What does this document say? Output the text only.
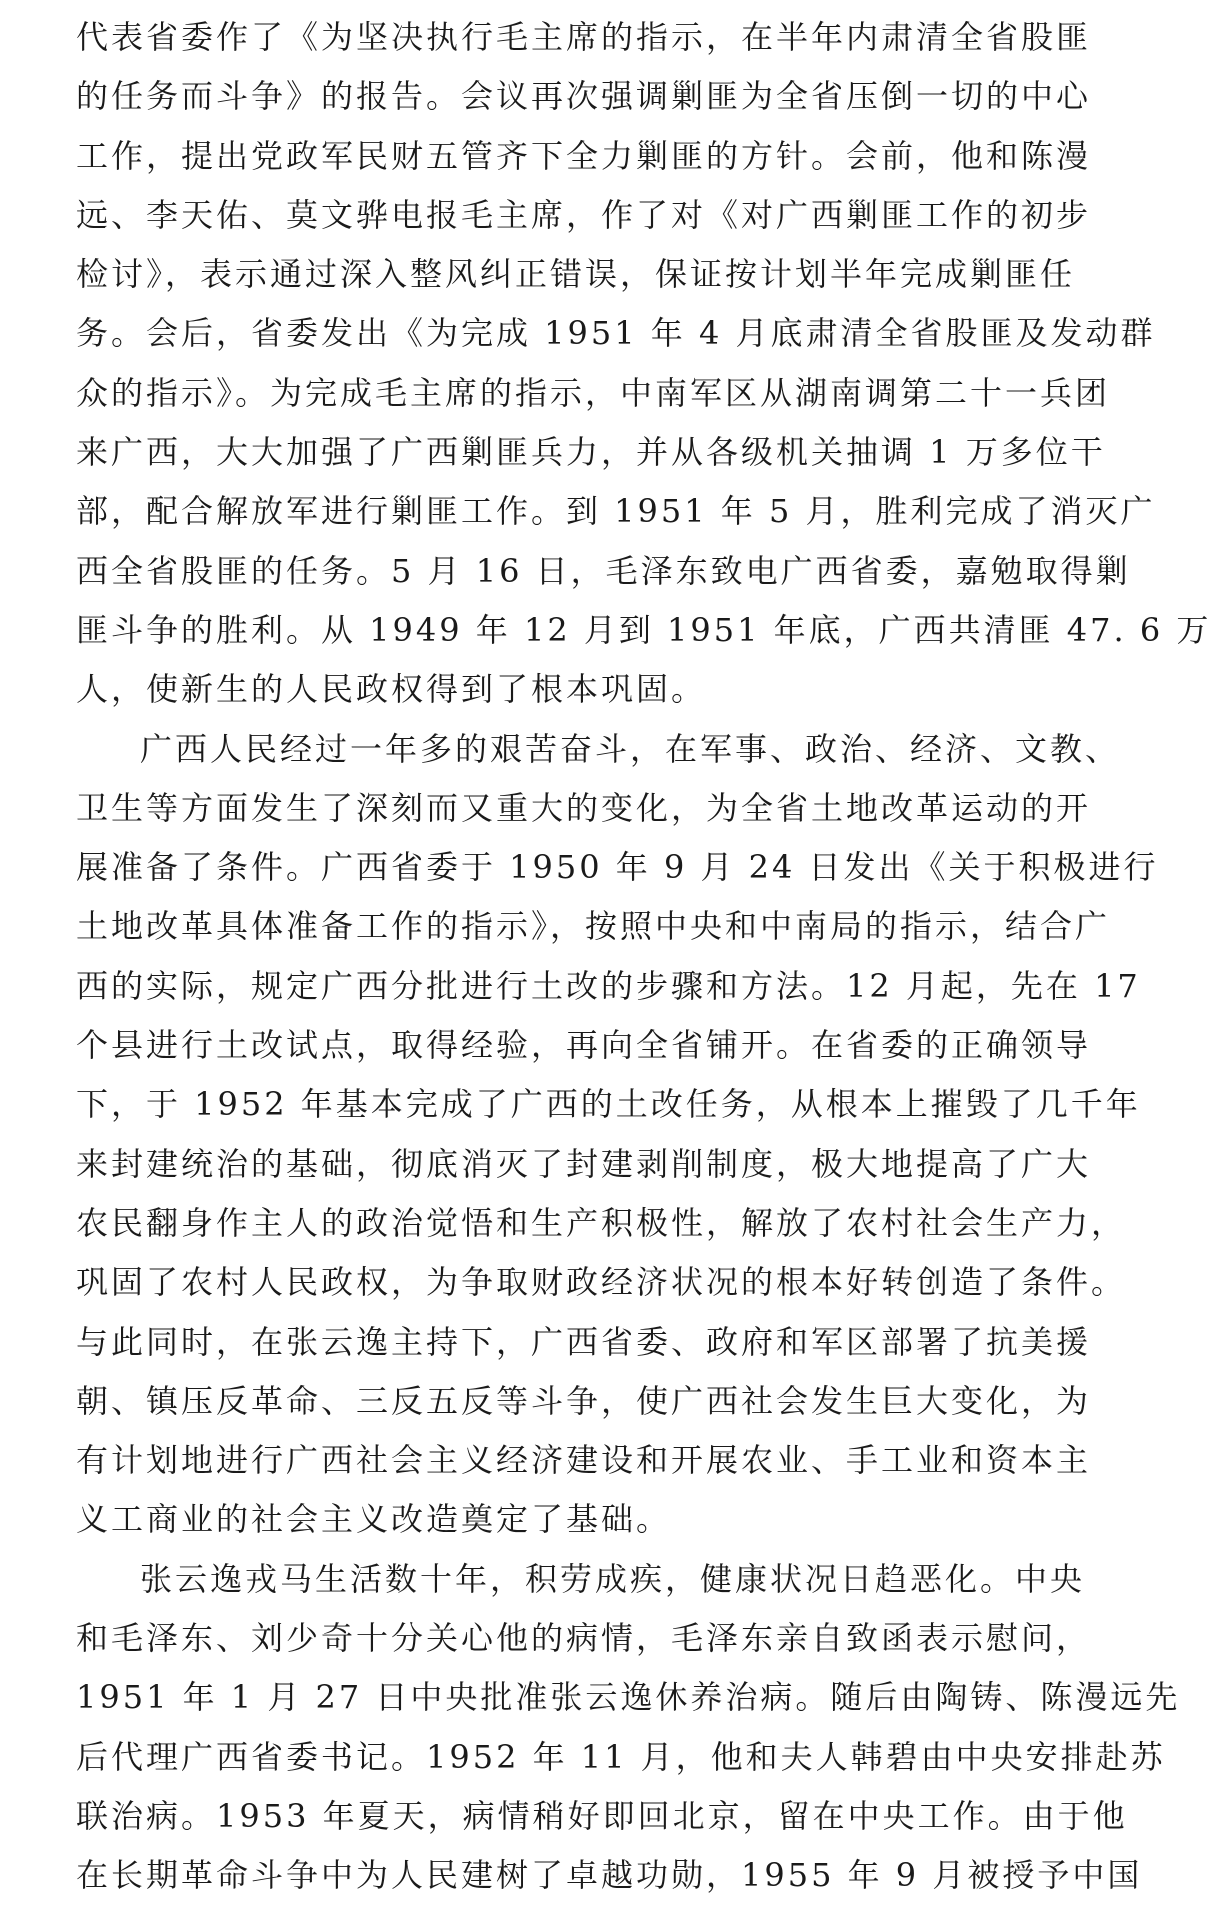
代表省委作了《为坚决执行毛主席的指示，在半年内肃清全省股匪
的任务而斗争》的报告。会议再次强调剿匪为全省压倒一切的中心
工作，提出党政军民财五管齐下全力剿匪的方针。会前，他和陈漫
远、李天佑、莫文骅电报毛主席，作了对《对广西剿匪工作的初步
检讨》，表示通过深入整风纠正错误，保证按计划半年完成剿匪任
务。会后，省委发出《为完成 1951 年 4 月底肃清全省股匪及发动群
众的指示》。为完成毛主席的指示，中南军区从湖南调第二十一兵团
来广西，大大加强了广西剿匪兵力，并从各级机关抽调 1 万多位干
部，配合解放军进行剿匪工作。到 1951 年 5 月，胜利完成了消灭广
西全省股匪的任务。5 月 16 日，毛泽东致电广西省委，嘉勉取得剿
匪斗争的胜利。从 1949 年 12 月到 1951 年底，广西共清匪 47. 6 万
人，使新生的人民政权得到了根本巩固。
广西人民经过一年多的艰苦奋斗，在军事、政治、经济、文教、
卫生等方面发生了深刻而又重大的变化，为全省土地改革运动的开
展准备了条件。广西省委于 1950 年 9 月 24 日发出《关于积极进行
土地改革具体准备工作的指示》，按照中央和中南局的指示，结合广
西的实际，规定广西分批进行土改的步骤和方法。12 月起，先在 17
个县进行土改试点，取得经验，再向全省铺开。在省委的正确领导
下，于 1952 年基本完成了广西的土改任务，从根本上摧毁了几千年
来封建统治的基础，彻底消灭了封建剥削制度，极大地提高了广大
农民翻身作主人的政治觉悟和生产积极性，解放了农村社会生产力，
巩固了农村人民政权，为争取财政经济状况的根本好转创造了条件。
与此同时，在张云逸主持下，广西省委、政府和军区部署了抗美援
朝、镇压反革命、三反五反等斗争，使广西社会发生巨大变化，为
有计划地进行广西社会主义经济建设和开展农业、手工业和资本主
义工商业的社会主义改造奠定了基础。
张云逸戎马生活数十年，积劳成疾，健康状况日趋恶化。中央
和毛泽东、刘少奇十分关心他的病情，毛泽东亲自致函表示慰问，
1951 年 1 月 27 日中央批准张云逸休养治病。随后由陶铸、陈漫远先
后代理广西省委书记。1952 年 11 月，他和夫人韩碧由中央安排赴苏
联治病。1953 年夏天，病情稍好即回北京，留在中央工作。由于他
在长期革命斗争中为人民建树了卓越功勋，1955 年 9 月被授予中国
